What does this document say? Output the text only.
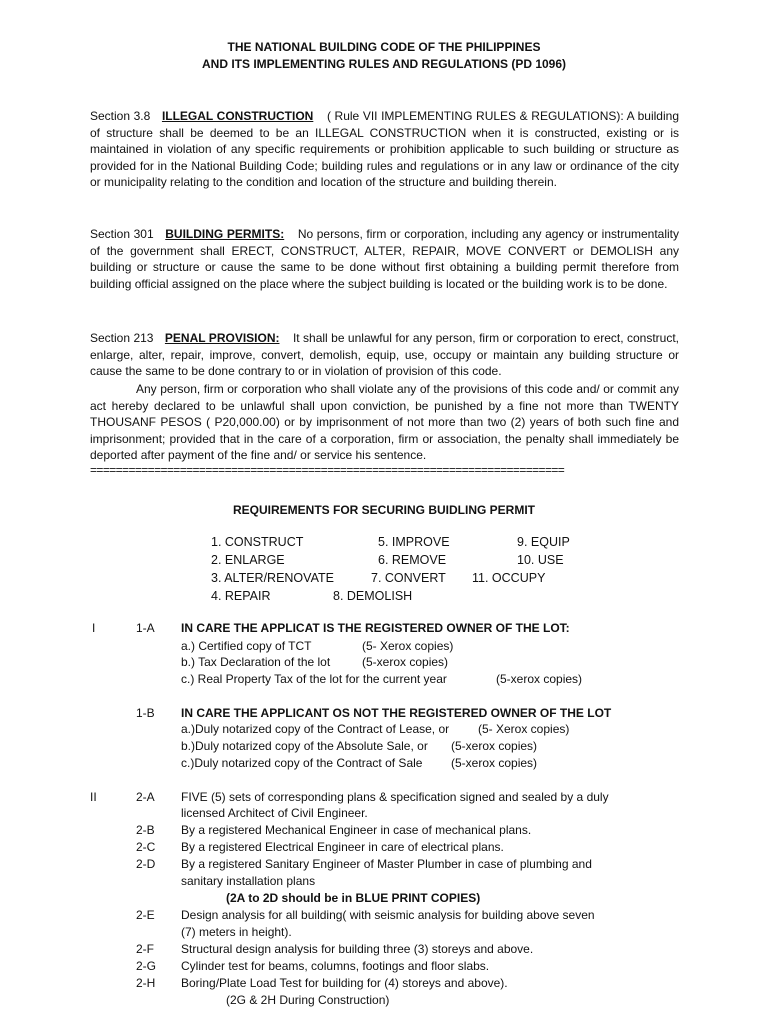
THE NATIONAL BUILDING CODE OF THE PHILIPPINES
AND ITS IMPLEMENTING RULES AND REGULATIONS (PD 1096)
Section 3.8 ILLEGAL CONSTRUCTION ( Rule VII IMPLEMENTING RULES & REGULATIONS): A building of structure shall be deemed to be an ILLEGAL CONSTRUCTION when it is constructed, existing or is maintained in violation of any specific requirements or prohibition applicable to such building or structure as provided for in the National Building Code; building rules and regulations or in any law or ordinance of the city or municipality relating to the condition and location of the structure and building therein.
Section 301 BUILDING PERMITS: No persons, firm or corporation, including any agency or instrumentality of the government shall ERECT, CONSTRUCT, ALTER, REPAIR, MOVE CONVERT or DEMOLISH any building or structure or cause the same to be done without first obtaining a building permit therefore from building official assigned on the place where the subject building is located or the building work is to be done.
Section 213 PENAL PROVISION: It shall be unlawful for any person, firm or corporation to erect, construct, enlarge, alter, repair, improve, convert, demolish, equip, use, occupy or maintain any building structure or cause the same to be done contrary to or in violation of provision of this code.
Any person, firm or corporation who shall violate any of the provisions of this code and/ or commit any act hereby declared to be unlawful shall upon conviction, be punished by a fine not more than TWENTY THOUSANF PESOS ( P20,000.00) or by imprisonment of not more than two (2) years of both such fine and imprisonment; provided that in the care of a corporation, firm or association, the penalty shall immediately be deported after payment of the fine and/ or service his sentence.
==========================================================================
REQUIREMENTS FOR SECURING BUIDLING PERMIT
1. CONSTRUCT	5. IMPROVE	9. EQUIP
2. ENLARGE	6. REMOVE	10. USE
3. ALTER/RENOVATE	7. CONVERT 11. OCCUPY
4. REPAIR	8. DEMOLISH
I	1-A IN CARE THE APPLICAT IS THE REGISTERED OWNER OF THE LOT:
a.) Certified copy of TCT	(5- Xerox copies)
b.) Tax Declaration of the lot	(5-xerox copies)
c.) Real Property Tax of the lot for the current year	(5-xerox copies)
1-B IN CARE THE APPLICANT OS NOT THE REGISTERED OWNER OF THE LOT
a.)Duly notarized copy of the Contract of Lease, or (5- Xerox copies)
b.)Duly notarized copy of the Absolute Sale, or (5-xerox copies)
c.)Duly notarized copy of the Contract of Sale (5-xerox copies)
II	2-A FIVE (5) sets of corresponding plans & specification signed and sealed by a duly
licensed Architect of Civil Engineer.
2-B By a registered Mechanical Engineer in case of mechanical plans.
2-C By a registered Electrical Engineer in care of electrical plans.
2-D By a registered Sanitary Engineer of Master Plumber in case of plumbing and
sanitary installation plans
(2A to 2D should be in BLUE PRINT COPIES)
2-E Design analysis for all building( with seismic analysis for building above seven
(7) meters in height).
2-F Structural design analysis for building three (3) storeys and above.
2-G Cylinder test for beams, columns, footings and floor slabs.
2-H Boring/Plate Load Test for building for (4) storeys and above).
(2G & 2H During Construction)
